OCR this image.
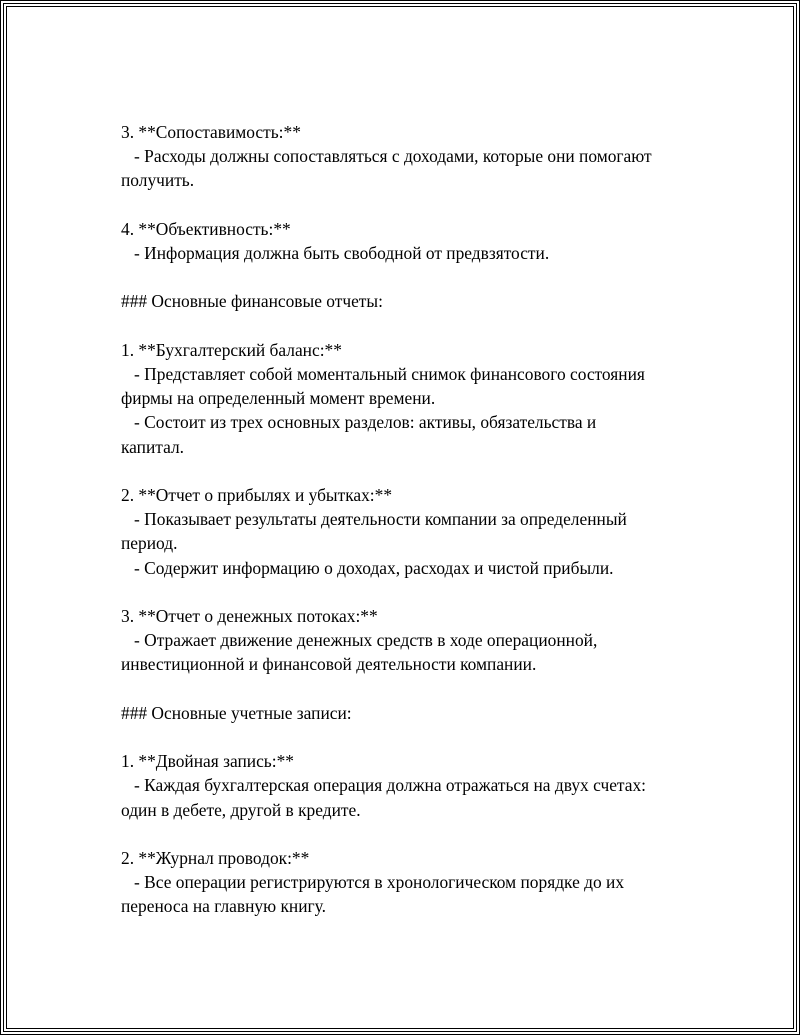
3. **Сопоставимость:**
- Расходы должны сопоставляться с доходами, которые они помогают
получить.
4. **Объективность:**
- Информация должна быть свободной от предвзятости.
### Основные финансовые отчеты:
1. **Бухгалтерский баланс:**
- Представляет собой моментальный снимок финансового состояния
фирмы на определенный момент времени.
- Состоит из трех основных разделов: активы, обязательства и
капитал.
2. **Отчет о прибылях и убытках:**
- Показывает результаты деятельности компании за определенный
период.
- Содержит информацию о доходах, расходах и чистой прибыли.
3. **Отчет о денежных потоках:**
- Отражает движение денежных средств в ходе операционной,
инвестиционной и финансовой деятельности компании.
### Основные учетные записи:
1. **Двойная запись:**
- Каждая бухгалтерская операция должна отражаться на двух счетах:
один в дебете, другой в кредите.
2. **Журнал проводок:**
- Все операции регистрируются в хронологическом порядке до их
переноса на главную книгу.
